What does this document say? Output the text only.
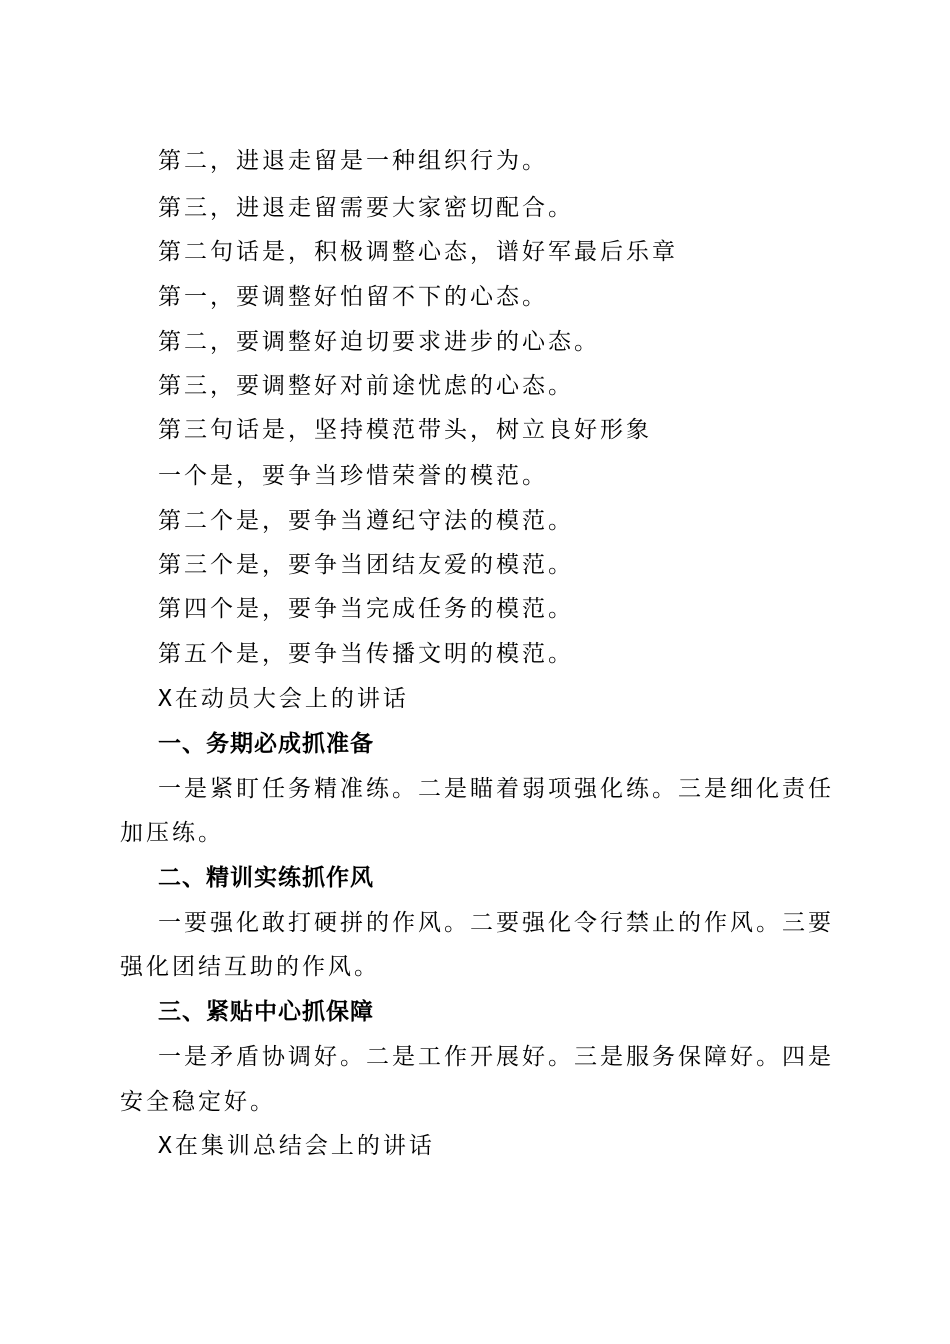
第二，进退走留是一种组织行为。
第三，进退走留需要大家密切配合。
第二句话是，积极调整心态，谱好军最后乐章
第一，要调整好怕留不下的心态。
第二，要调整好迫切要求进步的心态。
第三，要调整好对前途忧虑的心态。
第三句话是，坚持模范带头，树立良好形象
一个是，要争当珍惜荣誉的模范。
第二个是，要争当遵纪守法的模范。
第三个是，要争当团结友爱的模范。
第四个是，要争当完成任务的模范。
第五个是，要争当传播文明的模范。
X在动员大会上的讲话
一、务期必成抓准备
一是紧盯任务精准练。二是瞄着弱项强化练。三是细化责任
加压练。
二、精训实练抓作风
一要强化敢打硬拼的作风。二要强化令行禁止的作风。三要
强化团结互助的作风。
三、紧贴中心抓保障
一是矛盾协调好。二是工作开展好。三是服务保障好。四是
安全稳定好。
X在集训总结会上的讲话
